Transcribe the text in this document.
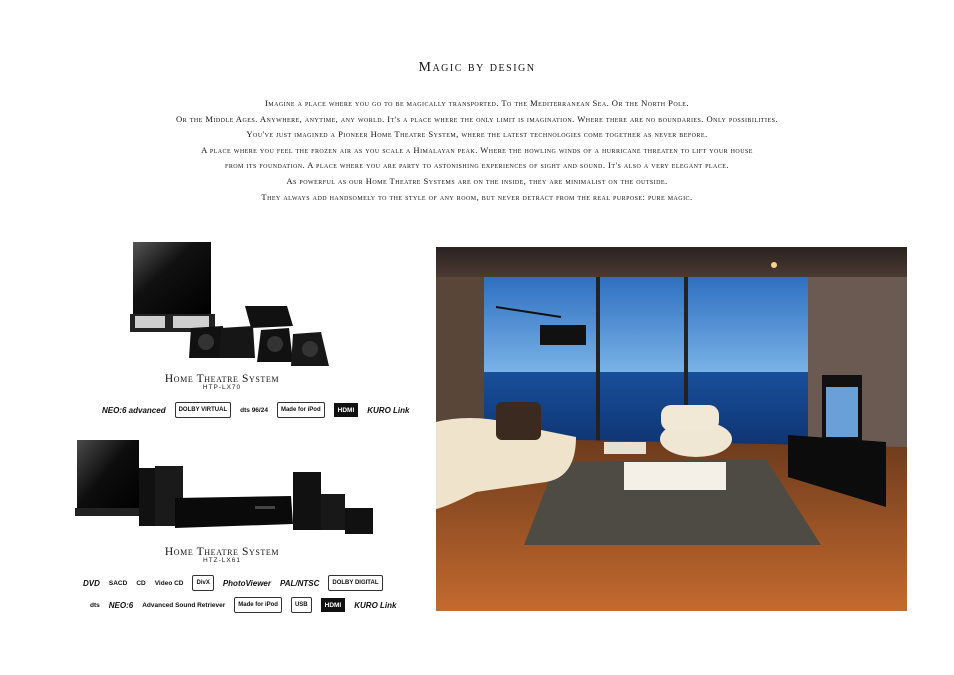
Magic by design
Imagine a place where you go to be magically transported. To the Mediterranean Sea. Or the North Pole.
Or the Middle Ages. Anywhere, anytime, any world. It's a place where the only limit is imagination. Where there are no boundaries. Only possibilities.
You've just imagined a Pioneer Home Theatre System, where the latest technologies come together as never before.
A place where you feel the frozen air as you scale a Himalayan peak. Where the howling winds of a hurricane threaten to lift your house
from its foundation. A place where you are party to astonishing experiences of sight and sound. It's also a very elegant place.
As powerful as our Home Theatre Systems are on the inside, they are minimalist on the outside.
They always add handsomely to the style of any room, but never detract from the real purpose: pure magic.
Home Theatre System
HTP-LX70
NEO:6 advanced	DOLBY VIRTUAL	dts 96/24	Made for iPod	HDMI	KURO Link
Home Theatre System
HTZ-LX61
DVD SACD CD Video CD	DivX	PhotoViewer PAL/NTSC	DOLBY DIGITAL
dts NEO:6 Advanced Sound Retriever	Made for iPod	USB	HDMI	KURO Link
